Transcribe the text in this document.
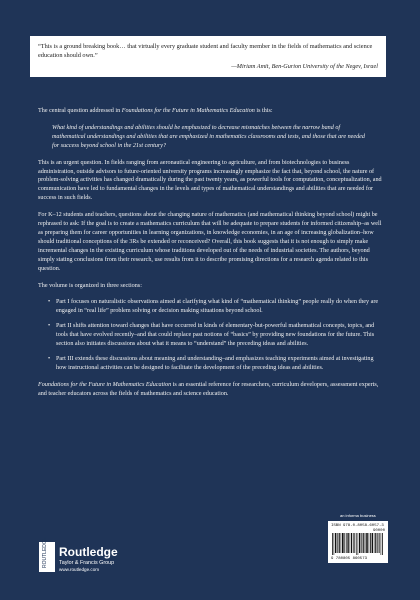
“This is a ground breaking book… that virtually every graduate student and faculty member in the fields of mathematics and science education should own.”

—Miriam Amit, Ben-Gurion University of the Negev, Israel

The central question addressed in Foundations for the Future in Mathematics Education is this:

What kind of understandings and abilities should be emphasized to decrease mismatches between the narrow band of mathematical understandings and abilities that are emphasized in mathematics classrooms and tests, and those that are needed for success beyond school in the 21st century?

This is an urgent question. In fields ranging from aeronautical engineering to agriculture, and from biotechnologies to business administration, outside advisors to future-oriented university programs increasingly emphasize the fact that, beyond school, the nature of problem-solving activities has changed dramatically during the past twenty years, as powerful tools for computation, conceptualization, and communication have led to fundamental changes in the levels and types of mathematical understandings and abilities that are needed for success in such fields.

For K–12 students and teachers, questions about the changing nature of mathematics (and mathematical thinking beyond school) might be rephrased to ask: If the goal is to create a mathematics curriculum that will be adequate to prepare students for informed citizenship–as well as preparing them for career opportunities in learning organizations, in knowledge economies, in an age of increasing globalization–how should traditional conceptions of the 3Rs be extended or reconceived? Overall, this book suggests that it is not enough to simply make incremental changes in the existing curriculum whose traditions developed out of the needs of industrial societies. The authors, beyond simply stating conclusions from their research, use results from it to describe promising directions for a research agenda related to this question.

The volume is organized in three sections:

• Part I focuses on naturalistic observations aimed at clarifying what kind of “mathematical thinking” people really do when they are engaged in “real life” problem solving or decision making situations beyond school.
• Part II shifts attention toward changes that have occurred in kinds of elementary-but-powerful mathematical concepts, topics, and tools that have evolved recently–and that could replace past notions of “basics” by providing new foundations for the future. This section also initiates discussions about what it means to “understand” the preceding ideas and abilities.
• Part III extends these discussions about meaning and understanding–and emphasizes teaching experiments aimed at investigating how instructional activities can be designed to facilitate the development of the preceding ideas and abilities.

Foundations for the Future in Mathematics Education is an essential reference for researchers, curriculum developers, assessment experts, and teacher educators across the fields of mathematics and science education.

an informa business
ISBN 978-0-8058-6057-3
90000
9 780805 860573
ROUTLEDGE Routledge
Taylor & Francis Group
www.routledge.com
